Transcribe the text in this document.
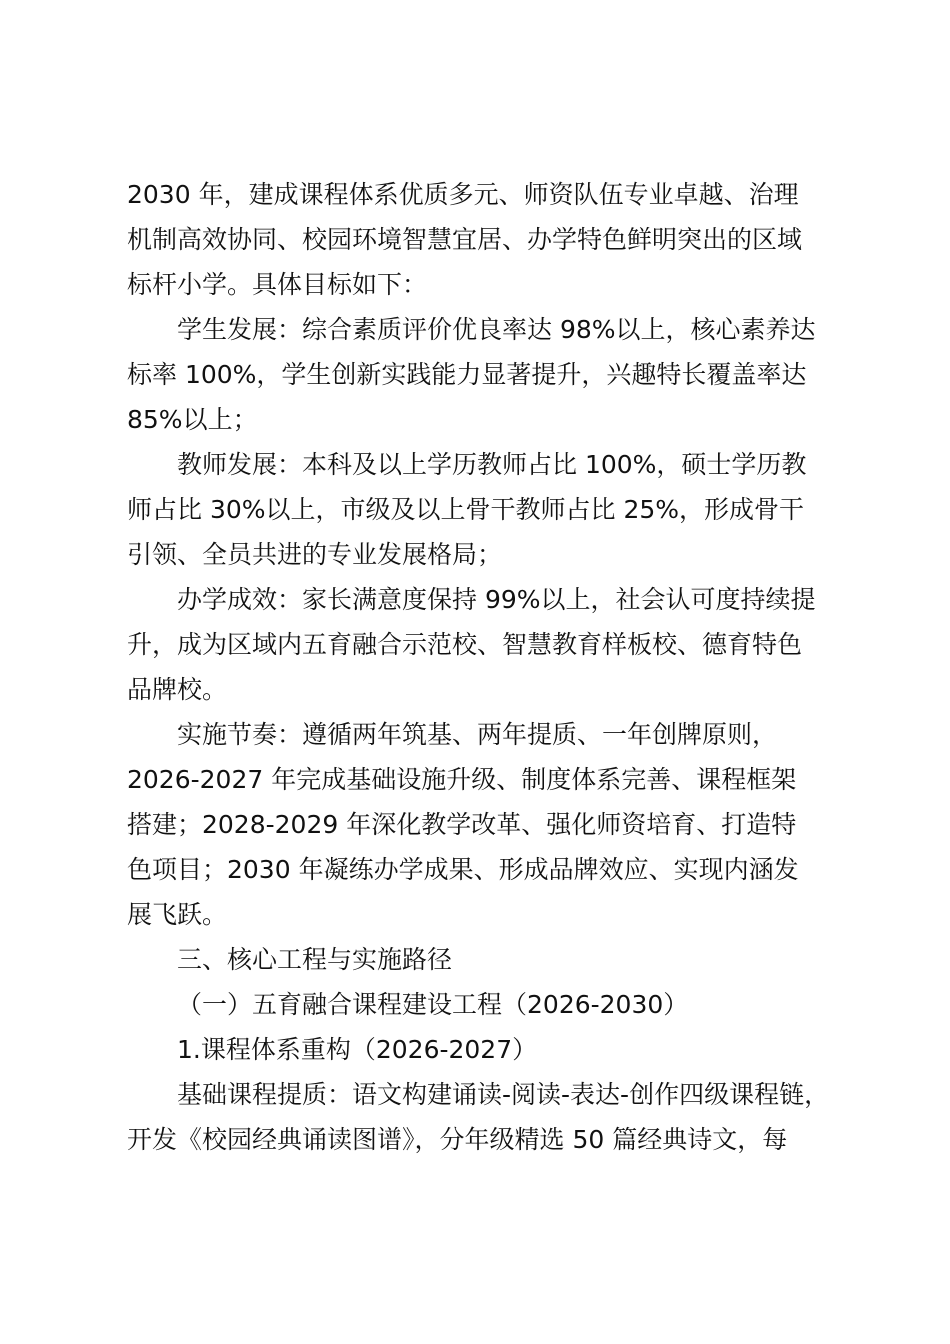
2030 年，建成课程体系优质多元、师资队伍专业卓越、治理
机制高效协同、校园环境智慧宜居、办学特色鲜明突出的区域
标杆小学。具体目标如下：

学生发展：综合素质评价优良率达 98%以上，核心素养达
标率 100%，学生创新实践能力显著提升，兴趣特长覆盖率达
85%以上；

教师发展：本科及以上学历教师占比 100%，硕士学历教
师占比 30%以上，市级及以上骨干教师占比 25%，形成骨干
引领、全员共进的专业发展格局；

办学成效：家长满意度保持 99%以上，社会认可度持续提
升，成为区域内五育融合示范校、智慧教育样板校、德育特色
品牌校。

实施节奏：遵循两年筑基、两年提质、一年创牌原则，
2026-2027 年完成基础设施升级、制度体系完善、课程框架
搭建；2028-2029 年深化教学改革、强化师资培育、打造特
色项目；2030 年凝练办学成果、形成品牌效应、实现内涵发
展飞跃。

三、核心工程与实施路径

（一）五育融合课程建设工程（2026-2030）

1.课程体系重构（2026-2027）

基础课程提质：语文构建诵读-阅读-表达-创作四级课程链，
开发《校园经典诵读图谱》，分年级精选 50 篇经典诗文，每
